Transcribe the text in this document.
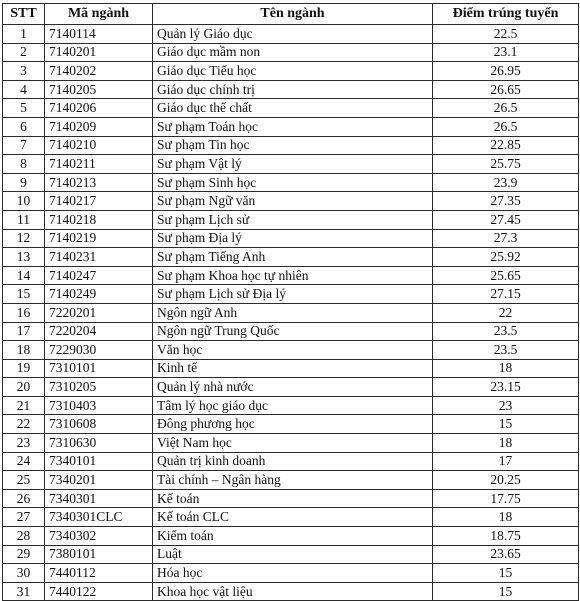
STT	Mã ngành	Tên ngành	Điểm trúng tuyển
1	7140114	Quản lý Giáo dục	22.5
2	7140201	Giáo dục mầm non	23.1
3	7140202	Giáo dục Tiểu học	26.95
4	7140205	Giáo dục chính trị	26.65
5	7140206	Giáo dục thể chất	26.5
6	7140209	Sư phạm Toán học	26.5
7	7140210	Sư phạm Tin học	22.85
8	7140211	Sư phạm Vật lý	25.75
9	7140213	Sư phạm Sinh học	23.9
10	7140217	Sư phạm Ngữ văn	27.35
11	7140218	Sư phạm Lịch sử	27.45
12	7140219	Sư phạm Địa lý	27.3
13	7140231	Sư phạm Tiếng Anh	25.92
14	7140247	Sư phạm Khoa học tự nhiên	25.65
15	7140249	Sư phạm Lịch sử Địa lý	27.15
16	7220201	Ngôn ngữ Anh	22
17	7220204	Ngôn ngữ Trung Quốc	23.5
18	7229030	Văn học	23.5
19	7310101	Kinh tế	18
20	7310205	Quản lý nhà nước	23.15
21	7310403	Tâm lý học giáo dục	23
22	7310608	Đông phương học	15
23	7310630	Việt Nam học	18
24	7340101	Quản trị kinh doanh	17
25	7340201	Tài chính – Ngân hàng	20.25
26	7340301	Kế toán	17.75
27	7340301CLC	Kế toán CLC	18
28	7340302	Kiểm toán	18.75
29	7380101	Luật	23.65
30	7440112	Hóa học	15
31	7440122	Khoa học vật liệu	15
